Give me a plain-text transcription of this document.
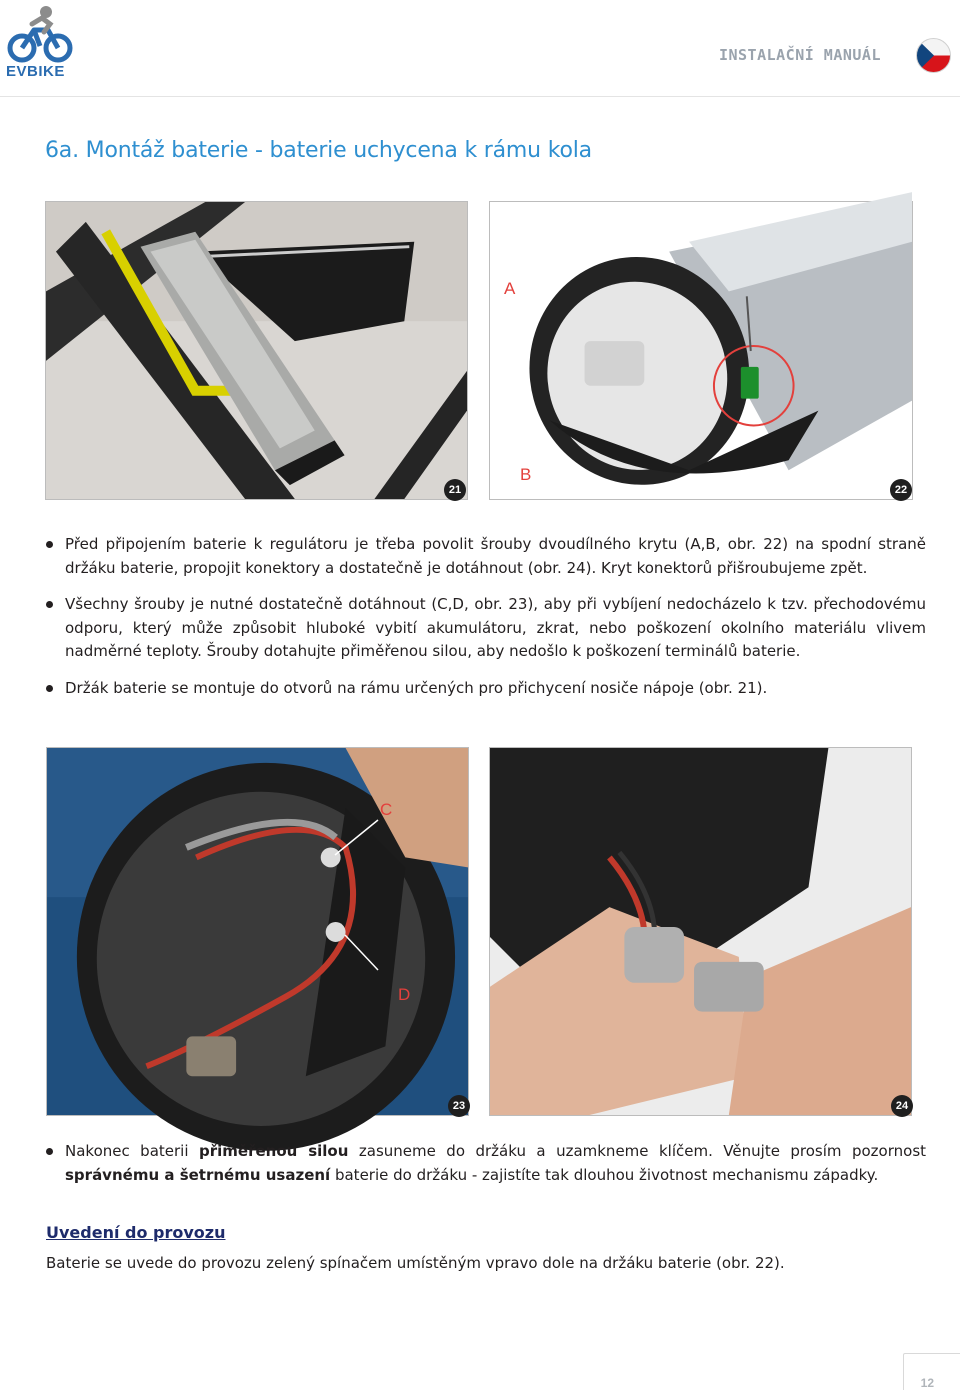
EVBIKE
INSTALAČNÍ MANUÁL
6a. Montáž baterie - baterie uchycena k rámu kola
21
A
B
22
Před připojením baterie k regulátoru je třeba povolit šrouby dvoudílného krytu (A,B, obr. 22) na spodní straně držáku baterie, propojit konektory a dostatečně je dotáhnout (obr. 24). Kryt konektorů přišroubujeme zpět.
Všechny šrouby je nutné dostatečně dotáhnout (C,D, obr. 23), aby při vybíjení nedocházelo k tzv. přechodovému odporu, který může způsobit hluboké vybití akumulátoru, zkrat, nebo poškození okolního materiálu vlivem nadměrné teploty. Šrouby dotahujte přiměřenou silou, aby nedošlo k poškození terminálů baterie.
Držák baterie se montuje do otvorů na rámu určených pro přichycení nosiče nápoje (obr. 21).
23
C
D
24
Nakonec baterii přiměřenou silou zasuneme do držáku a uzamkneme klíčem. Věnujte prosím pozornost správnému a šetrnému usazení baterie do držáku - zajistíte tak dlouhou životnost mechanismu západky.
Uvedení do provozu
Baterie se uvede do provozu zelený spínačem umístěným vpravo dole na držáku baterie (obr. 22).
12
